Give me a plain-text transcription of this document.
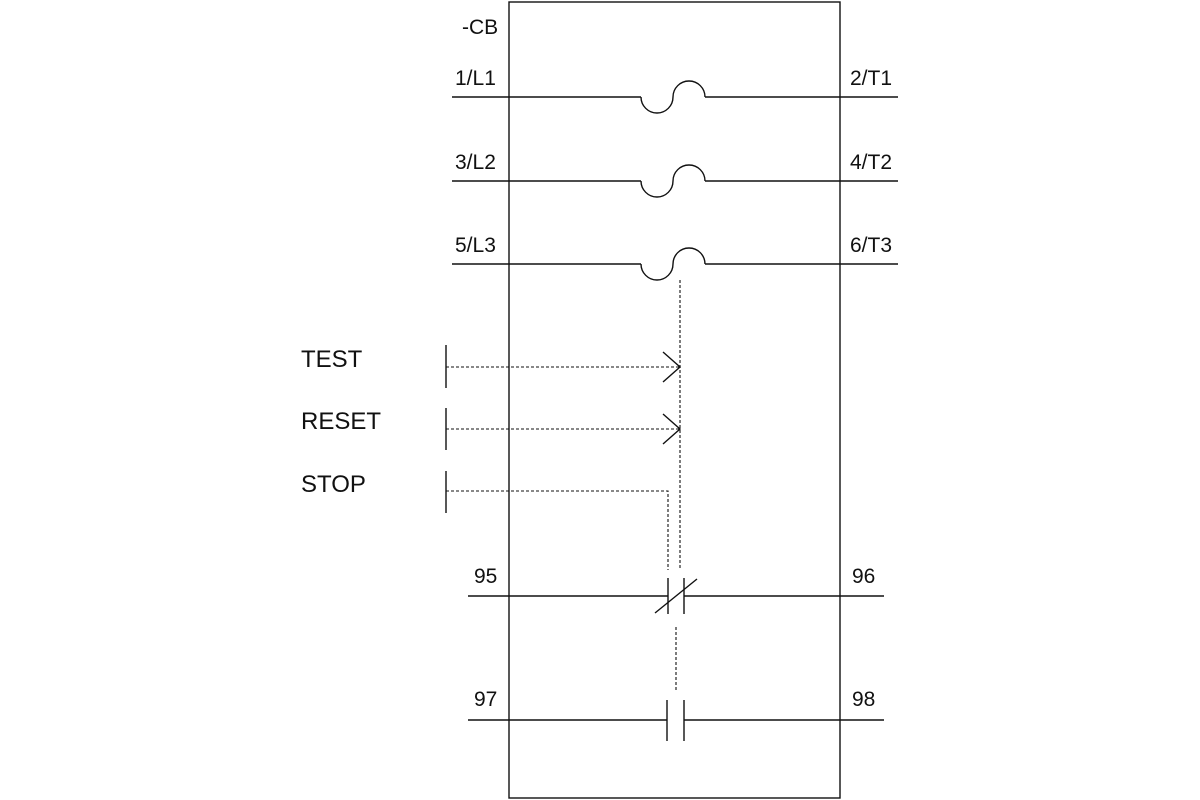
-CB
1/L1	2/T1
3/L2	4/T2
5/L3	6/T3
TEST
RESET
STOP
95	96
97	98
